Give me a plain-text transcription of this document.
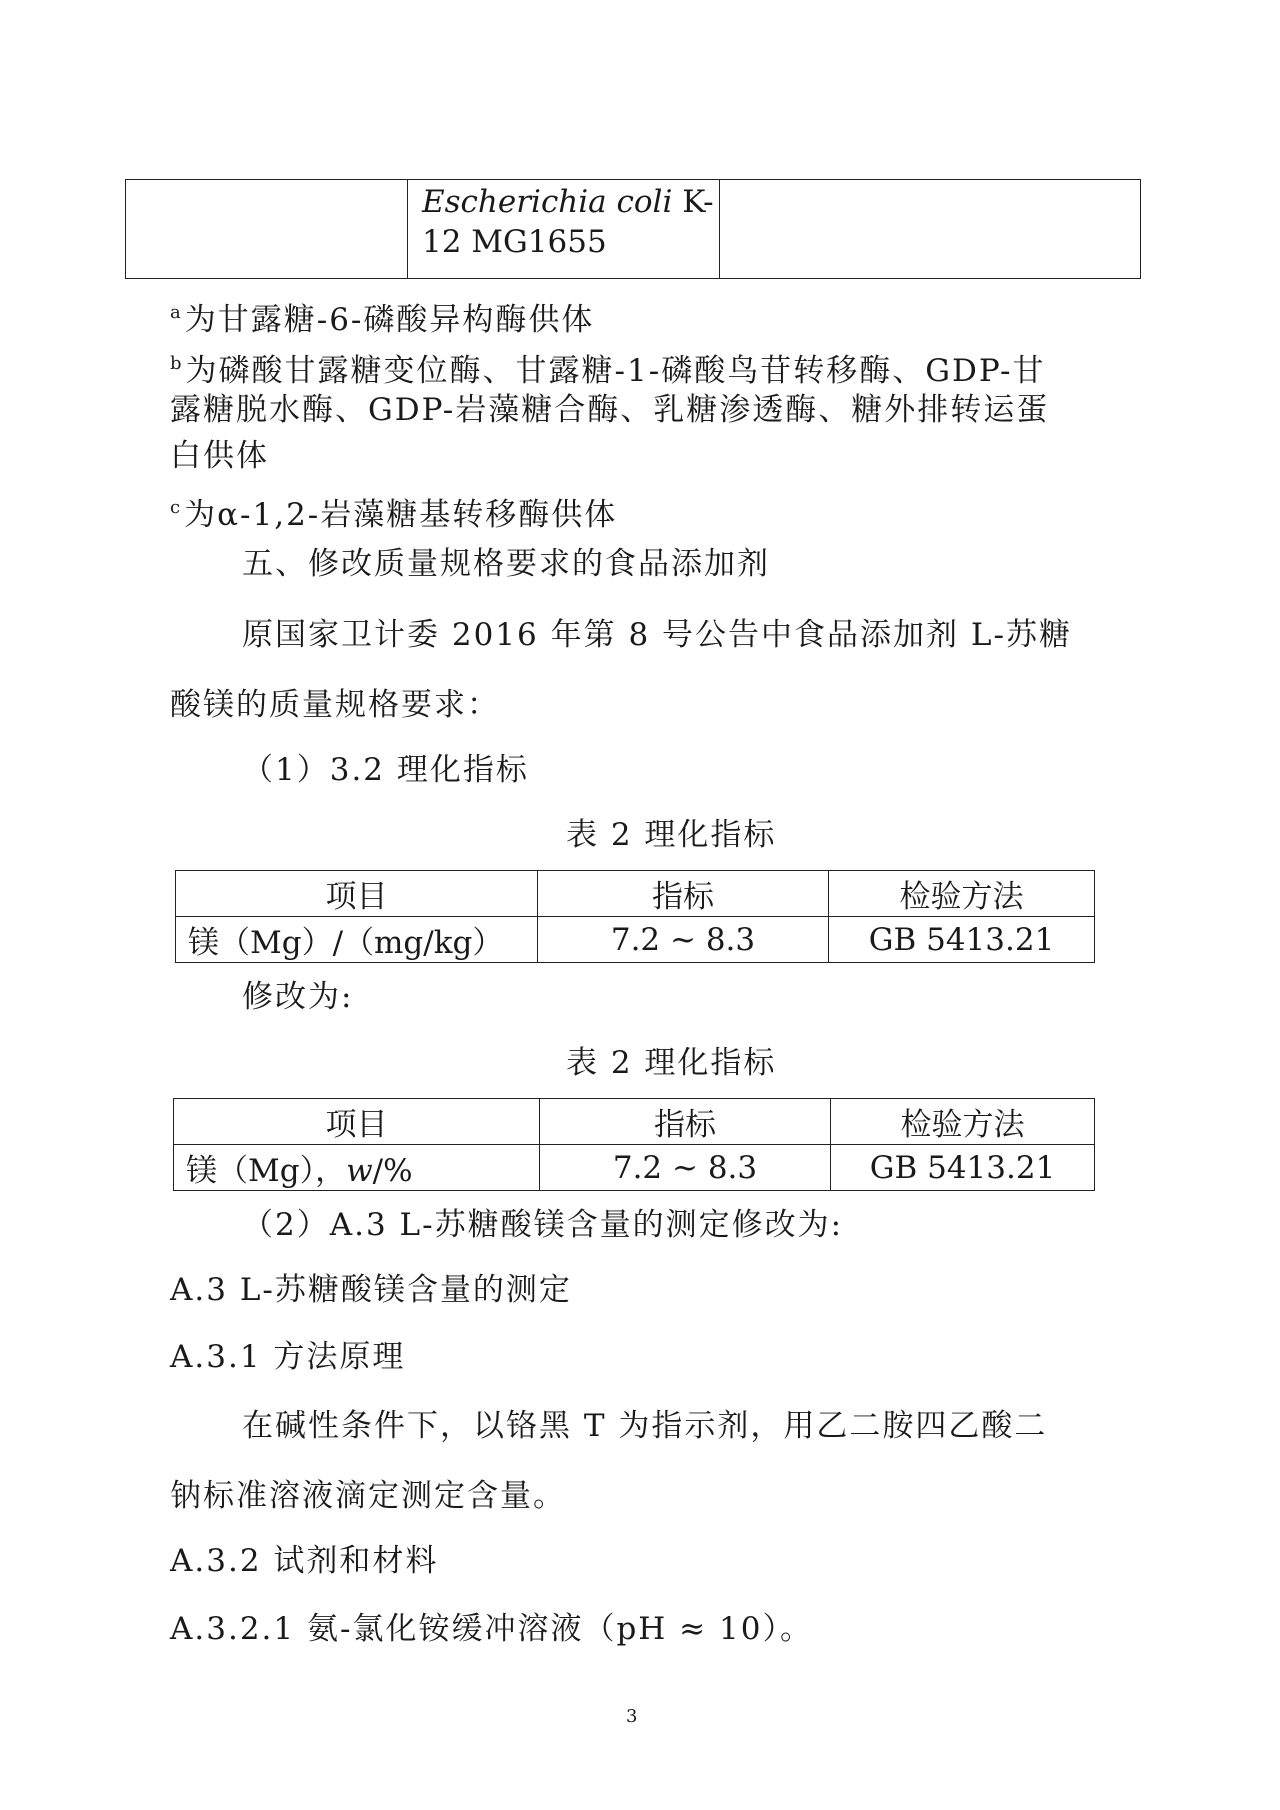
Escherichia coli K-
12 MG1655

$^a$为甘露糖-6-磷酸异构酶供体
$^b$为磷酸甘露糖变位酶、甘露糖-1-磷酸鸟苷转移酶、GDP-甘
露糖脱水酶、GDP-岩藻糖合酶、乳糖渗透酶、糖外排转运蛋
白供体
$^c$为α-1,2-岩藻糖基转移酶供体
五、修改质量规格要求的食品添加剂
原国家卫计委 2016 年第 8 号公告中食品添加剂 L-苏糖
酸镁的质量规格要求：
（1）3.2 理化指标
表 2 理化指标
项目	指标	检验方法
镁（Mg）/（mg/kg）	7.2 ~ 8.3	GB 5413.21
修改为:
表 2 理化指标
项目	指标	检验方法
镁（Mg），w/%	7.2 ~ 8.3	GB 5413.21
（2）A.3 L-苏糖酸镁含量的测定修改为:
A.3 L-苏糖酸镁含量的测定
A.3.1 方法原理
在碱性条件下，以铬黑 T 为指示剂，用乙二胺四乙酸二
钠标准溶液滴定测定含量。
A.3.2 试剂和材料
A.3.2.1 氨-氯化铵缓冲溶液（pH ≈ 10）。
3
